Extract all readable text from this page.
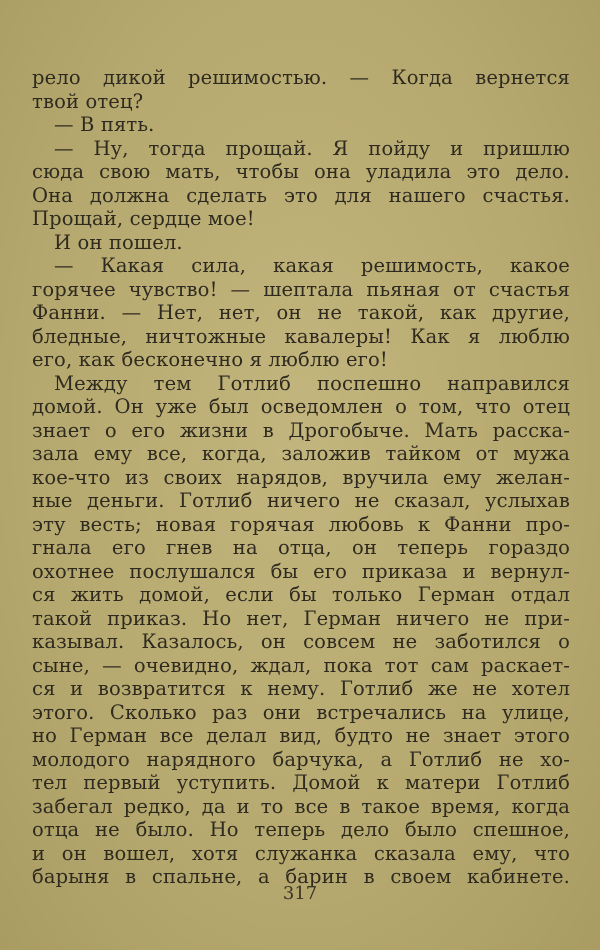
рело дикой решимостью. — Когда вернется
твой отец?
— В пять.
— Ну, тогда прощай. Я пойду и пришлю
сюда свою мать, чтобы она уладила это дело.
Она должна сделать это для нашего счастья.
Прощай, сердце мое!
И он пошел.
— Какая сила, какая решимость, какое
горячее чувство! — шептала пьяная от счастья
Фанни. — Нет, нет, он не такой, как другие,
бледные, ничтожные кавалеры! Как я люблю
его, как бесконечно я люблю его!
Между тем Готлиб поспешно направился
домой. Он уже был осведомлен о том, что отец
знает о его жизни в Дрогобыче. Мать расска-
зала ему все, когда, заложив тайком от мужа
кое-что из своих нарядов, вручила ему желан-
ные деньги. Готлиб ничего не сказал, услыхав
эту весть; новая горячая любовь к Фанни про-
гнала его гнев на отца, он теперь гораздо
охотнее послушался бы его приказа и вернул-
ся жить домой, если бы только Герман отдал
такой приказ. Но нет, Герман ничего не при-
казывал. Казалось, он совсем не заботился о
сыне, — очевидно, ждал, пока тот сам раскает-
ся и возвратится к нему. Готлиб же не хотел
этого. Сколько раз они встречались на улице,
но Герман все делал вид, будто не знает этого
молодого нарядного барчука, а Готлиб не хо-
тел первый уступить. Домой к матери Готлиб
забегал редко, да и то все в такое время, когда
отца не было. Но теперь дело было спешное,
и он вошел, хотя служанка сказала ему, что
барыня в спальне, а барин в своем кабинете.
317
